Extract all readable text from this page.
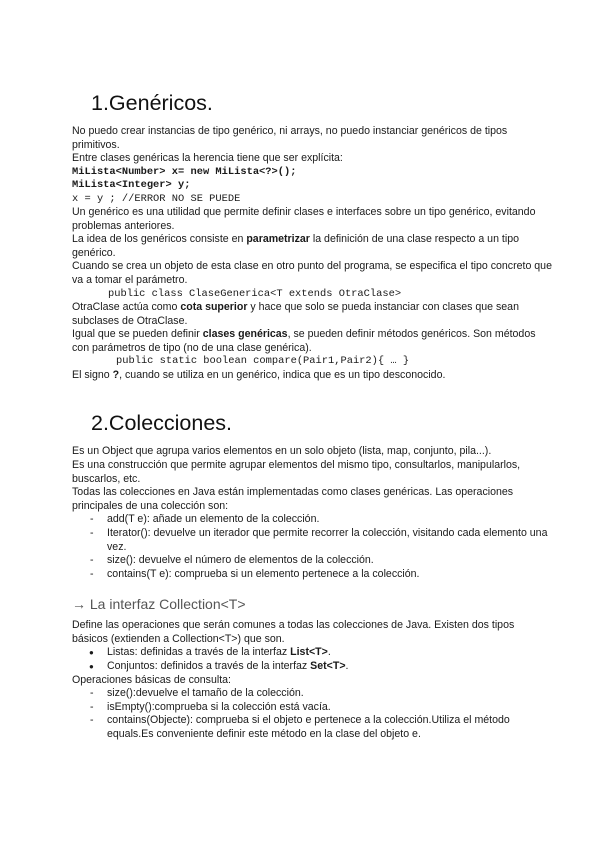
1.Genéricos.

No puedo crear instancias de tipo genérico, ni arrays, no puedo instanciar genéricos de tipos primitivos.

Entre clases genéricas la herencia tiene que ser explícita:

MiLista<Number> x= new MiLista<?>();
MiLista<Integer> y;
x = y ; //ERROR NO SE PUEDE

Un genérico es una utilidad que permite definir clases e interfaces sobre un tipo genérico, evitando problemas anteriores.

La idea de los genéricos consiste en parametrizar la definición de una clase respecto a un tipo genérico.

Cuando se crea un objeto de esta clase en otro punto del programa, se especifica el tipo concreto que va a tomar el parámetro.

public class ClaseGenerica<T extends OtraClase>

OtraClase actúa como cota superior y hace que solo se pueda instanciar con clases que sean subclases de OtraClase.

Igual que se pueden definir clases genéricas, se pueden definir métodos genéricos. Son métodos con parámetros de tipo (no de una clase genérica).

public static boolean compare(Pair1,Pair2){ … }

El signo ?, cuando se utiliza en un genérico, indica que es un tipo desconocido.

2.Colecciones.

Es un Object que agrupa varios elementos en un solo objeto (lista, map, conjunto, pila...).

Es una construcción que permite agrupar elementos del mismo tipo, consultarlos, manipularlos, buscarlos, etc.

Todas las colecciones en Java están implementadas como clases genéricas. Las operaciones principales de una colección son:

- add(T e): añade un elemento de la colección.
- Iterator(): devuelve un iterador que permite recorrer la colección, visitando cada elemento una vez.
- size(): devuelve el número de elementos de la colección.
- contains(T e): comprueba si un elemento pertenece a la colección.
→ La interfaz Collection<T>

Define las operaciones que serán comunes a todas las colecciones de Java. Existen dos tipos básicos (extienden a Collection<T>) que son.

● Listas: definidas a través de la interfaz List<T>.
● Conjuntos: definidos a través de la interfaz Set<T>.

Operaciones básicas de consulta:

- size():devuelve el tamaño de la colección.
- isEmpty():comprueba si la colección está vacía.
- contains(Objecte): comprueba si el objeto e pertenece a la colección.Utiliza el método equals.Es conveniente definir este método en la clase del objeto e.
